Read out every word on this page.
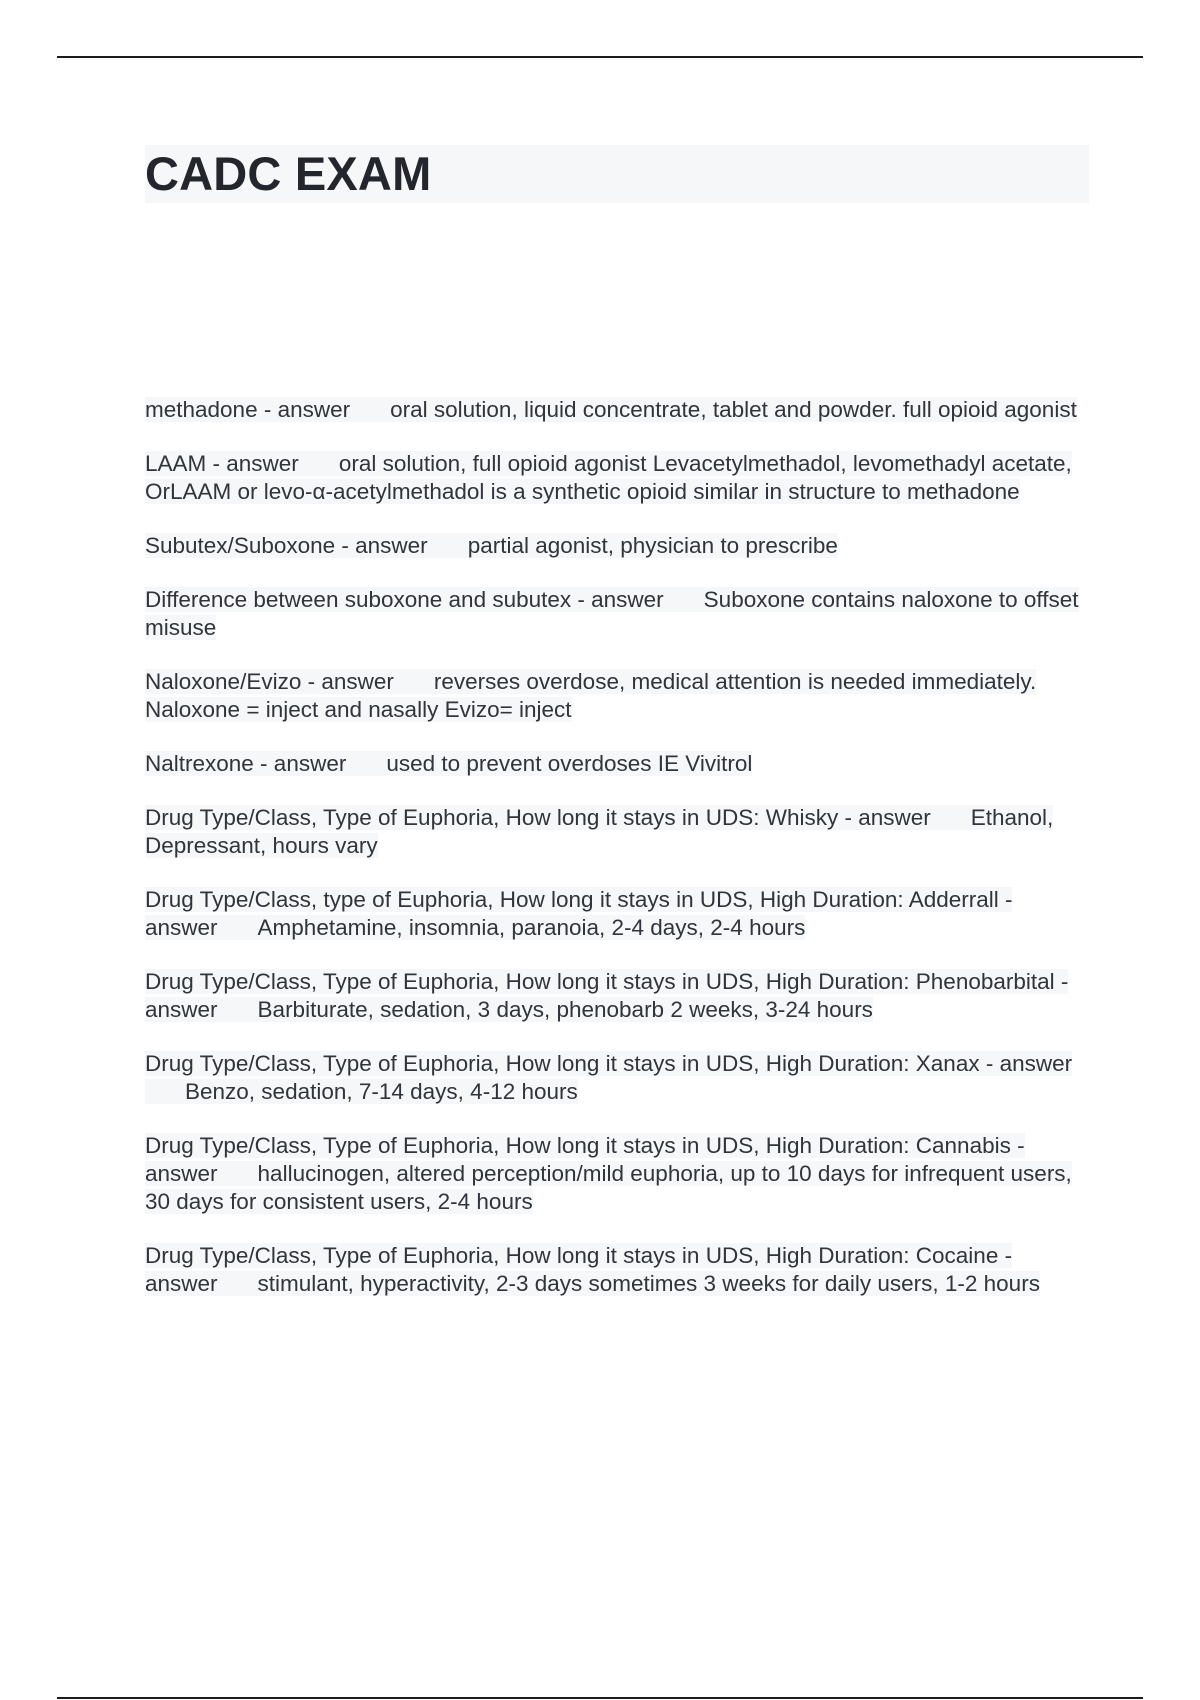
CADC EXAM
methadone - answer oral solution, liquid concentrate, tablet and powder. full opioid agonist
LAAM - answer oral solution, full opioid agonist Levacetylmethadol, levomethadyl acetate, OrLAAM or levo-α-acetylmethadol is a synthetic opioid similar in structure to methadone
Subutex/Suboxone - answer partial agonist, physician to prescribe
Difference between suboxone and subutex - answer Suboxone contains naloxone to offset misuse
Naloxone/Evizo - answer reverses overdose, medical attention is needed immediately. Naloxone = inject and nasally Evizo= inject
Naltrexone - answer used to prevent overdoses IE Vivitrol
Drug Type/Class, Type of Euphoria, How long it stays in UDS: Whisky - answer Ethanol, Depressant, hours vary
Drug Type/Class, type of Euphoria, How long it stays in UDS, High Duration: Adderrall - answer Amphetamine, insomnia, paranoia, 2-4 days, 2-4 hours
Drug Type/Class, Type of Euphoria, How long it stays in UDS, High Duration: Phenobarbital - answer Barbiturate, sedation, 3 days, phenobarb 2 weeks, 3-24 hours
Drug Type/Class, Type of Euphoria, How long it stays in UDS, High Duration: Xanax - answerBenzo, sedation, 7-14 days, 4-12 hours
Drug Type/Class, Type of Euphoria, How long it stays in UDS, High Duration: Cannabis - answer hallucinogen, altered perception/mild euphoria, up to 10 days for infrequent users, 30 days for consistent users, 2-4 hours
Drug Type/Class, Type of Euphoria, How long it stays in UDS, High Duration: Cocaine - answer stimulant, hyperactivity, 2-3 days sometimes 3 weeks for daily users, 1-2 hours
